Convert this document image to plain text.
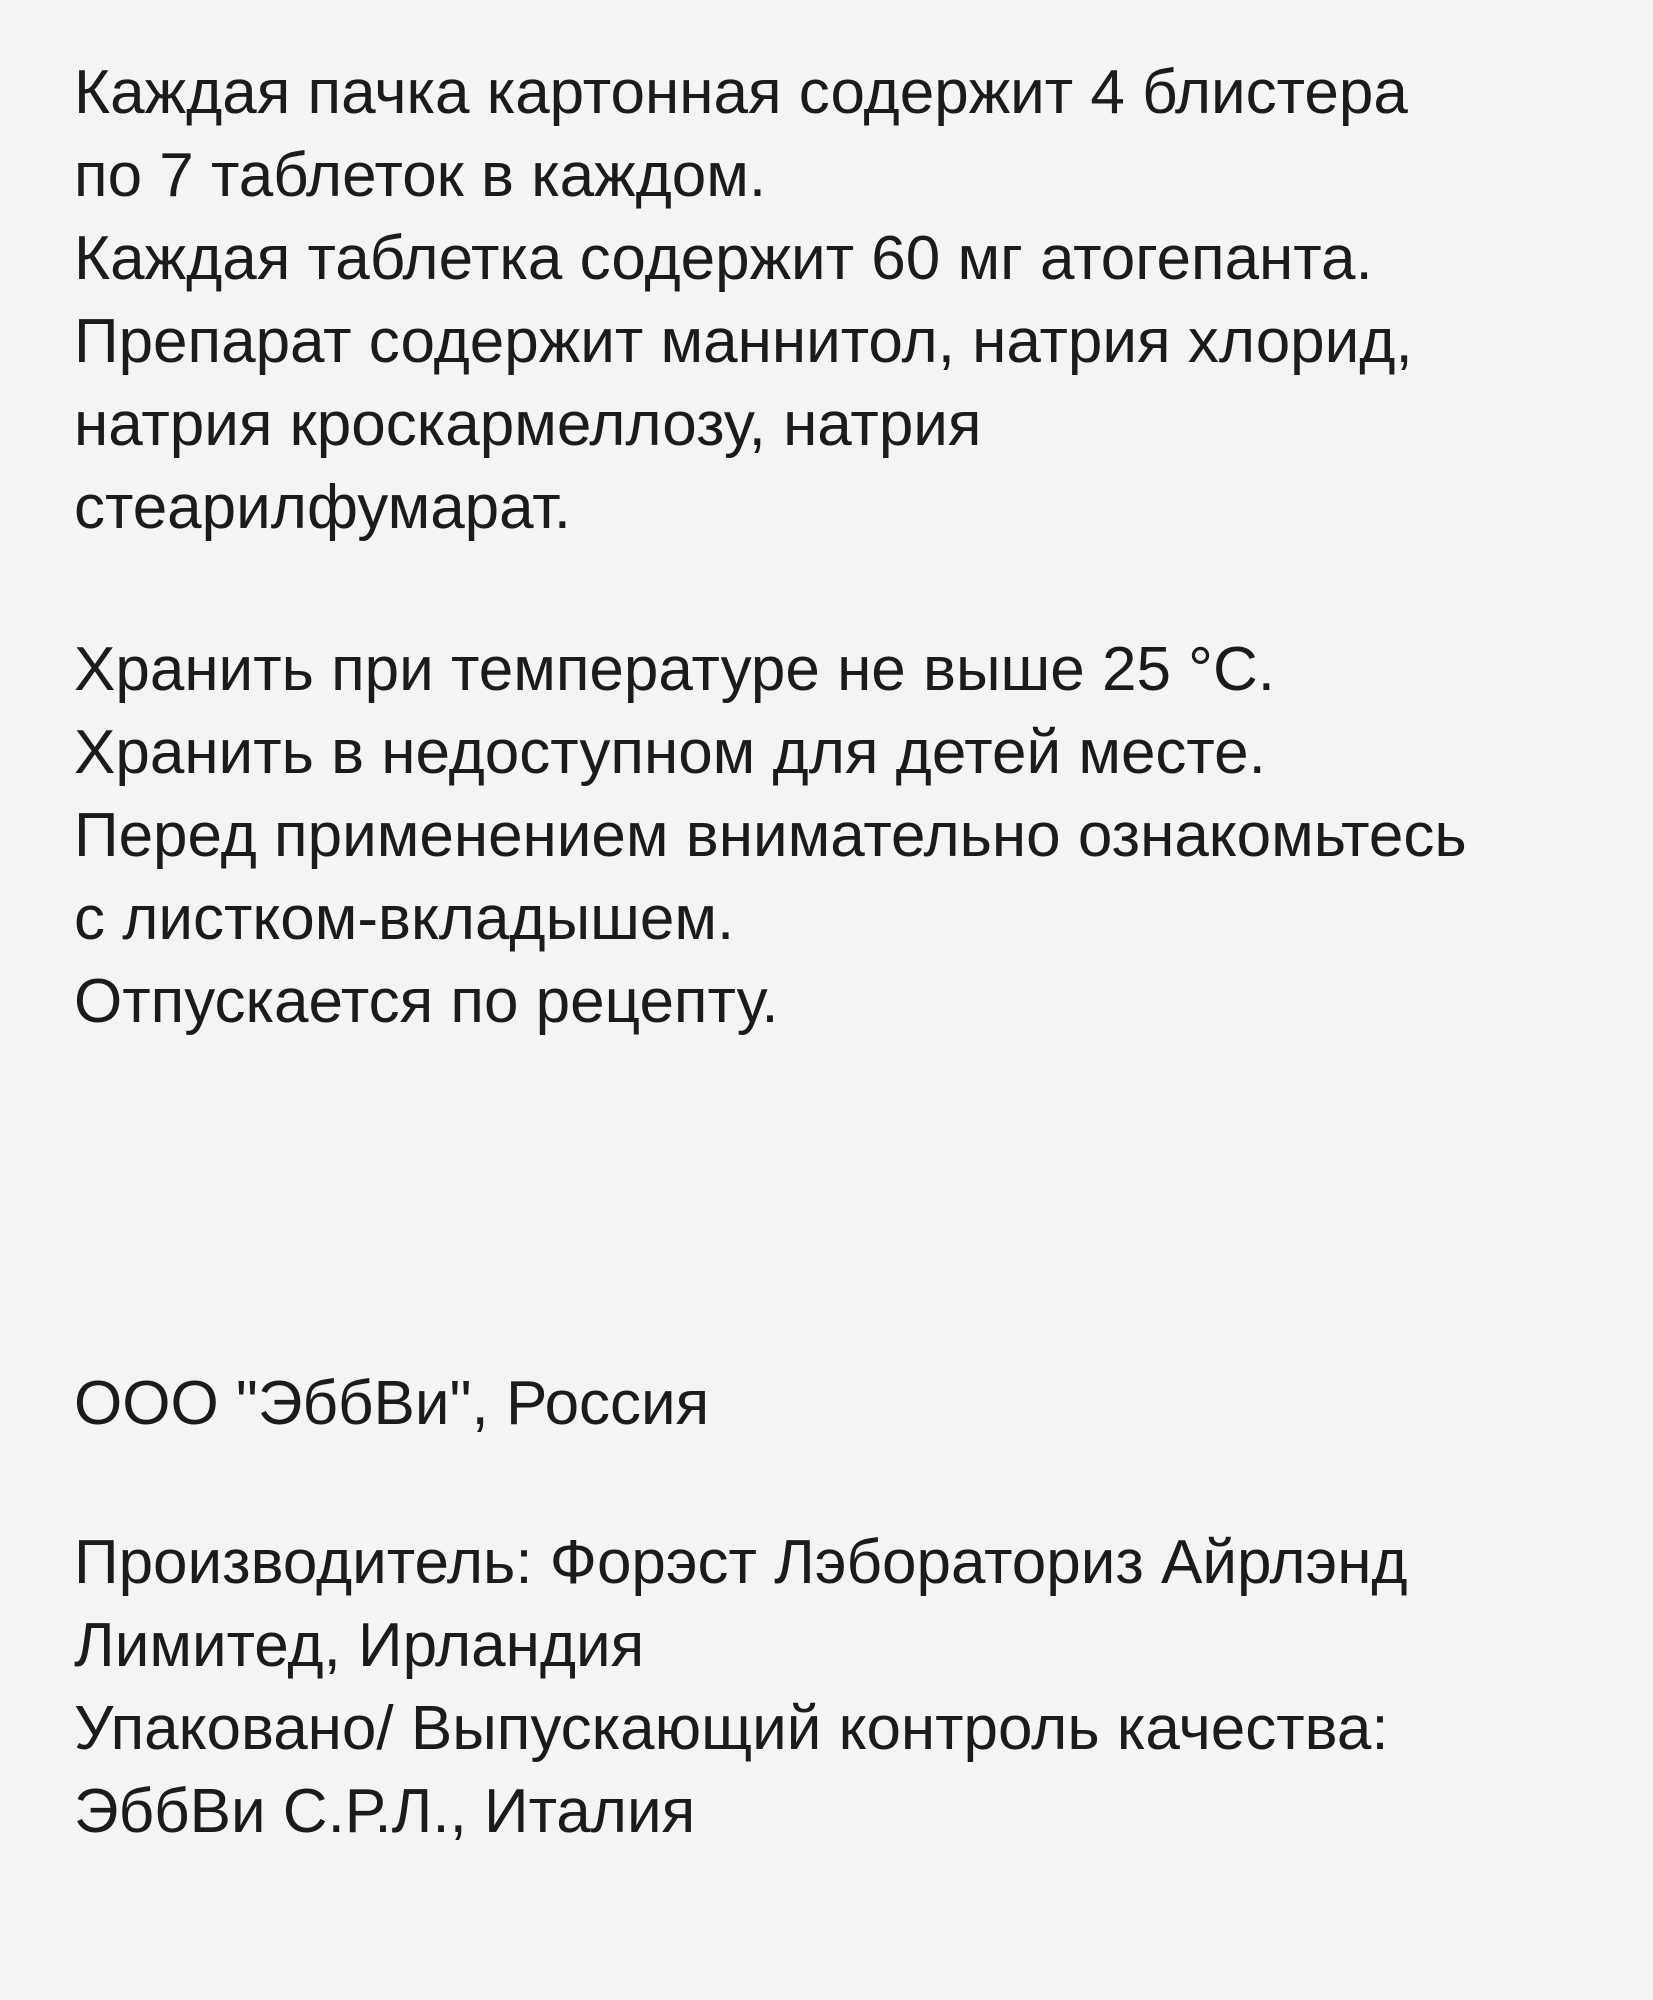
Каждая пачка картонная содержит 4 блистера
по 7 таблеток в каждом.
Каждая таблетка содержит 60 мг атогепанта.
Препарат содержит маннитол, натрия хлорид,
натрия кроскармеллозу, натрия
стеарилфумарат.
Хранить при температуре не выше 25 °С.
Хранить в недоступном для детей месте.
Перед применением внимательно ознакомьтесь
с листком-вкладышем.
Отпускается по рецепту.
ООО "ЭббВи", Россия
Производитель: Форэст Лэбораториз Айрлэнд
Лимитед, Ирландия
Упаковано/ Выпускающий контроль качества:
ЭббВи С.Р.Л., Италия
